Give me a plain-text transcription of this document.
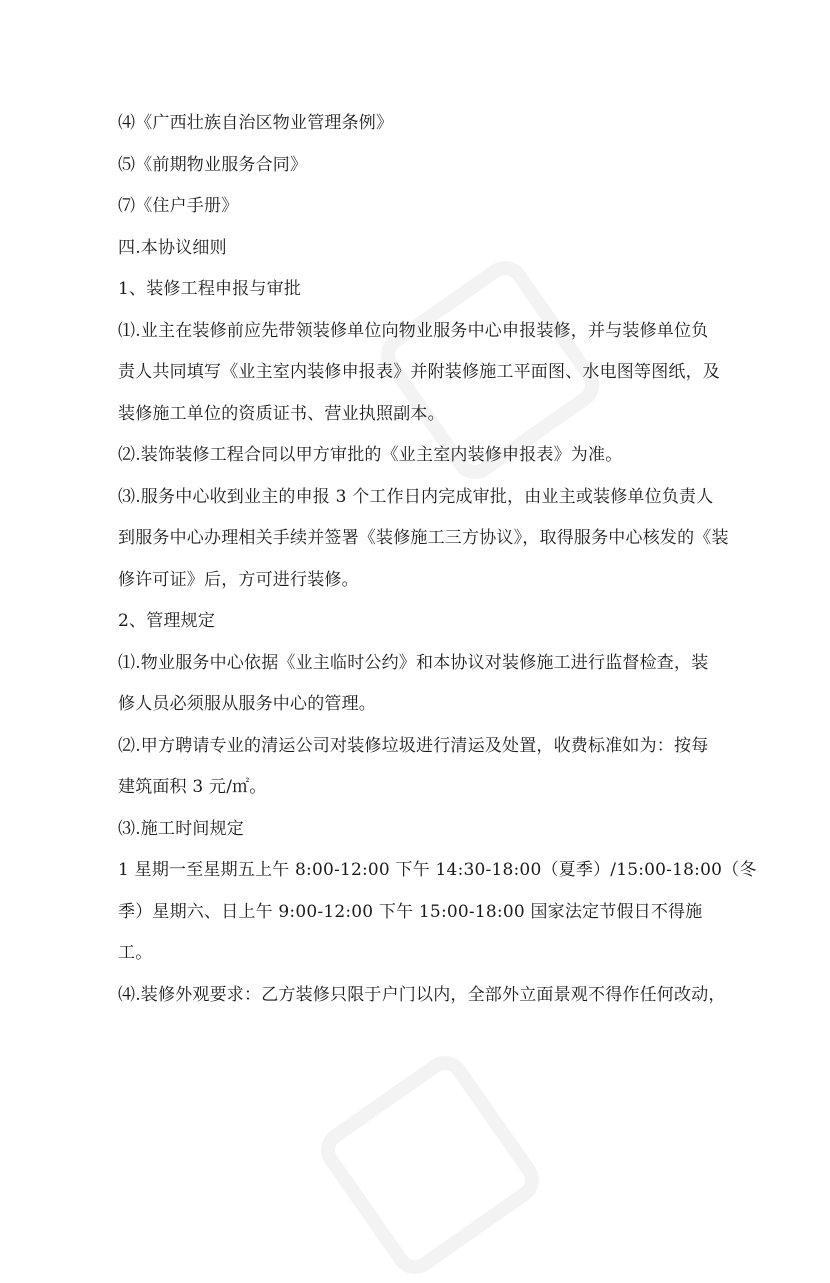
⑷《广西壮族自治区物业管理条例》
⑸《前期物业服务合同》
⑺《住户手册》
四.本协议细则
1、装修工程申报与审批
⑴.业主在装修前应先带领装修单位向物业服务中心申报装修，并与装修单位负
责人共同填写《业主室内装修申报表》并附装修施工平面图、水电图等图纸，及
装修施工单位的资质证书、营业执照副本。
⑵.装饰装修工程合同以甲方审批的《业主室内装修申报表》为准。
⑶.服务中心收到业主的申报 3 个工作日内完成审批，由业主或装修单位负责人
到服务中心办理相关手续并签署《装修施工三方协议》，取得服务中心核发的《装
修许可证》后，方可进行装修。
2、管理规定
⑴.物业服务中心依据《业主临时公约》和本协议对装修施工进行监督检查，装
修人员必须服从服务中心的管理。
⑵.甲方聘请专业的清运公司对装修垃圾进行清运及处置，收费标准如为：按每
建筑面积 3 元/㎡。
⑶.施工时间规定
1 星期一至星期五上午 8:00-12:00 下午 14:30-18:00（夏季）/15:00-18:00（冬
季）星期六、日上午 9:00-12:00 下午 15:00-18:00 国家法定节假日不得施
工。
⑷.装修外观要求：乙方装修只限于户门以内，全部外立面景观不得作任何改动，
